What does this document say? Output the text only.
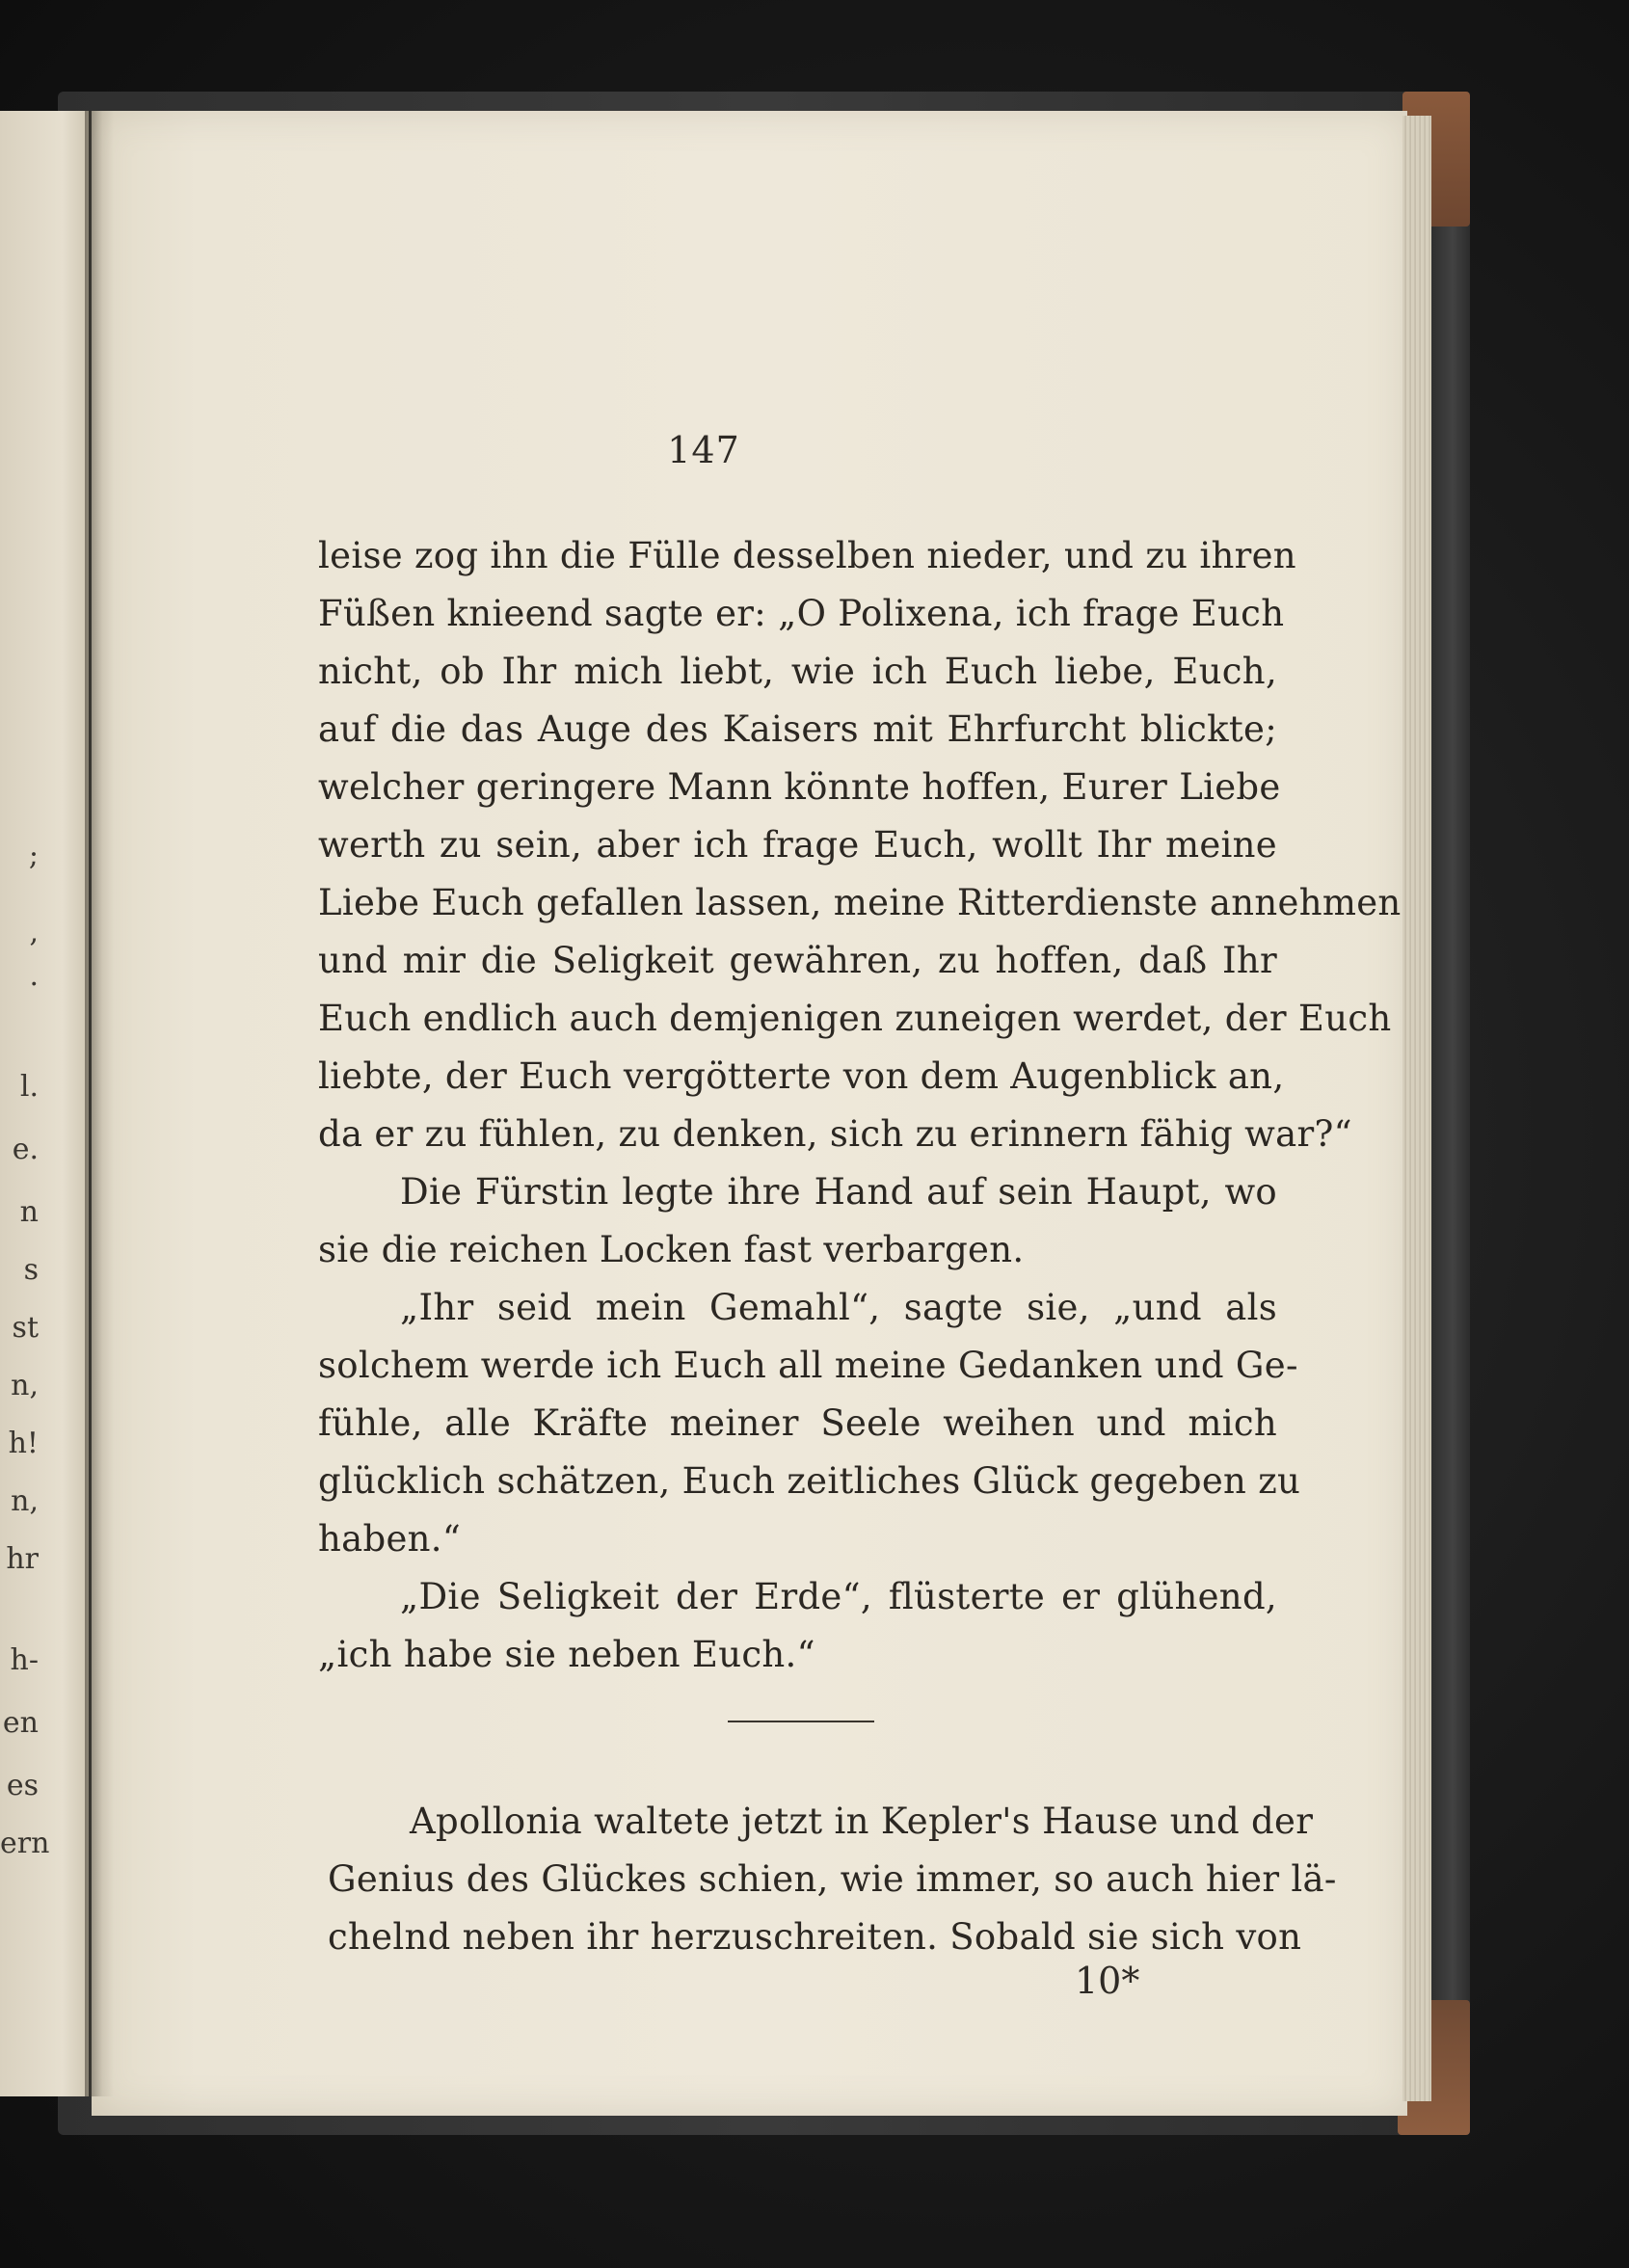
;
,
.
l.
e.
n
s
st
n,
h!
n,
hr
h-
en
es
ern
147
leise zog ihn die Fülle desselben nieder, und zu ihren
Füßen knieend sagte er: „O Polixena, ich frage Euch
nicht, ob Ihr mich liebt, wie ich Euch liebe, Euch,
auf die das Auge des Kaisers mit Ehrfurcht blickte;
welcher geringere Mann könnte hoffen, Eurer Liebe
werth zu sein, aber ich frage Euch, wollt Ihr meine
Liebe Euch gefallen lassen, meine Ritterdienste annehmen
und mir die Seligkeit gewähren, zu hoffen, daß Ihr
Euch endlich auch demjenigen zuneigen werdet, der Euch
liebte, der Euch vergötterte von dem Augenblick an,
da er zu fühlen, zu denken, sich zu erinnern fähig war?“
Die Fürstin legte ihre Hand auf sein Haupt, wo
sie die reichen Locken fast verbargen.
„Ihr seid mein Gemahl“, sagte sie, „und als
solchem werde ich Euch all meine Gedanken und Ge-
fühle, alle Kräfte meiner Seele weihen und mich
glücklich schätzen, Euch zeitliches Glück gegeben zu
haben.“
„Die Seligkeit der Erde“, flüsterte er glühend,
„ich habe sie neben Euch.“
Apollonia waltete jetzt in Kepler's Hause und der
Genius des Glückes schien, wie immer, so auch hier lä-
chelnd neben ihr herzuschreiten. Sobald sie sich von
10*
